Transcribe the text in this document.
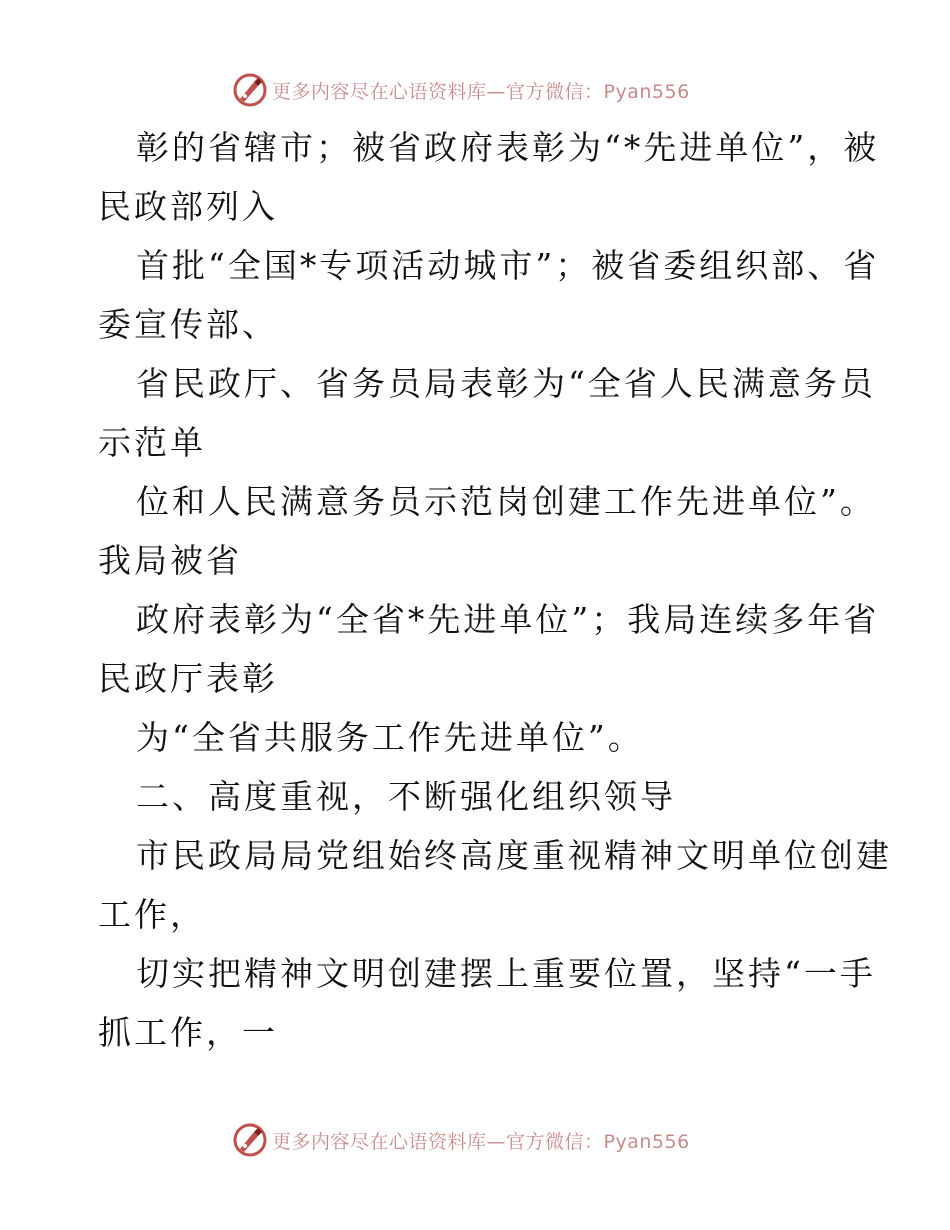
更多内容尽在心语资料库—官方微信：Pyan556
彰的省辖市；被省政府表彰为“*先进单位”，被
民政部列入
首批“全国*专项活动城市”；被省委组织部、省
委宣传部、
省民政厅、省务员局表彰为“全省人民满意务员
示范单
位和人民满意务员示范岗创建工作先进单位”。
我局被省
政府表彰为“全省*先进单位”；我局连续多年省
民政厅表彰
为“全省共服务工作先进单位”。
二、高度重视，不断强化组织领导
市民政局局党组始终高度重视精神文明单位创建
工作，
切实把精神文明创建摆上重要位置，坚持“一手
抓工作，一
更多内容尽在心语资料库—官方微信：Pyan556
